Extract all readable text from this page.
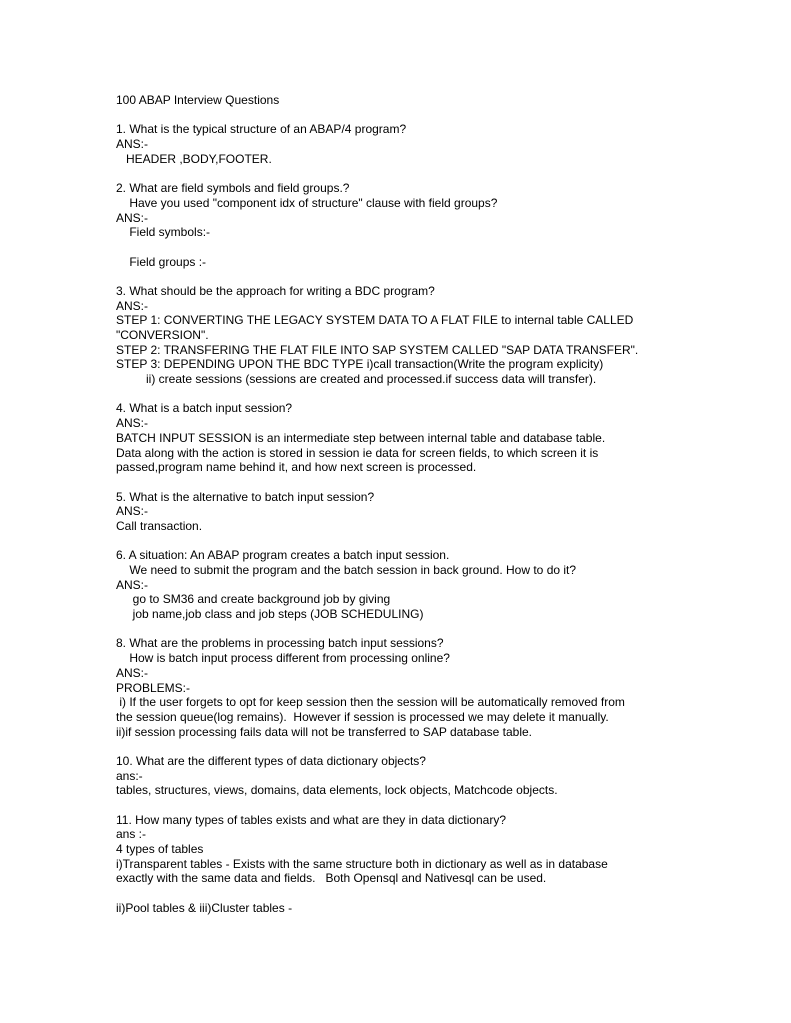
100 ABAP Interview Questions
1. What is the typical structure of an ABAP/4 program?
ANS:-
HEADER ,BODY,FOOTER.
2. What are field symbols and field groups.?
Have you used "component idx of structure" clause with field groups?
ANS:-
Field symbols:-
Field groups :-
3. What should be the approach for writing a BDC program?
ANS:-
STEP 1: CONVERTING THE LEGACY SYSTEM DATA TO A FLAT FILE to internal table CALLED
"CONVERSION".
STEP 2: TRANSFERING THE FLAT FILE INTO SAP SYSTEM CALLED "SAP DATA TRANSFER".
STEP 3: DEPENDING UPON THE BDC TYPE i)call transaction(Write the program explicity)
ii) create sessions (sessions are created and processed.if success data will transfer).
4. What is a batch input session?
ANS:-
BATCH INPUT SESSION is an intermediate step between internal table and database table.
Data along with the action is stored in session ie data for screen fields, to which screen it is
passed,program name behind it, and how next screen is processed.
5. What is the alternative to batch input session?
ANS:-
Call transaction.
6. A situation: An ABAP program creates a batch input session.
We need to submit the program and the batch session in back ground. How to do it?
ANS:-
go to SM36 and create background job by giving
job name,job class and job steps (JOB SCHEDULING)
8. What are the problems in processing batch input sessions?
How is batch input process different from processing online?
ANS:-
PROBLEMS:-
i) If the user forgets to opt for keep session then the session will be automatically removed from
the session queue(log remains).  However if session is processed we may delete it manually.
ii)if session processing fails data will not be transferred to SAP database table.
10. What are the different types of data dictionary objects?
ans:-
tables, structures, views, domains, data elements, lock objects, Matchcode objects.
11. How many types of tables exists and what are they in data dictionary?
ans :-
4 types of tables
i)Transparent tables - Exists with the same structure both in dictionary as well as in database
exactly with the same data and fields.   Both Opensql and Nativesql can be used.
ii)Pool tables & iii)Cluster tables -
